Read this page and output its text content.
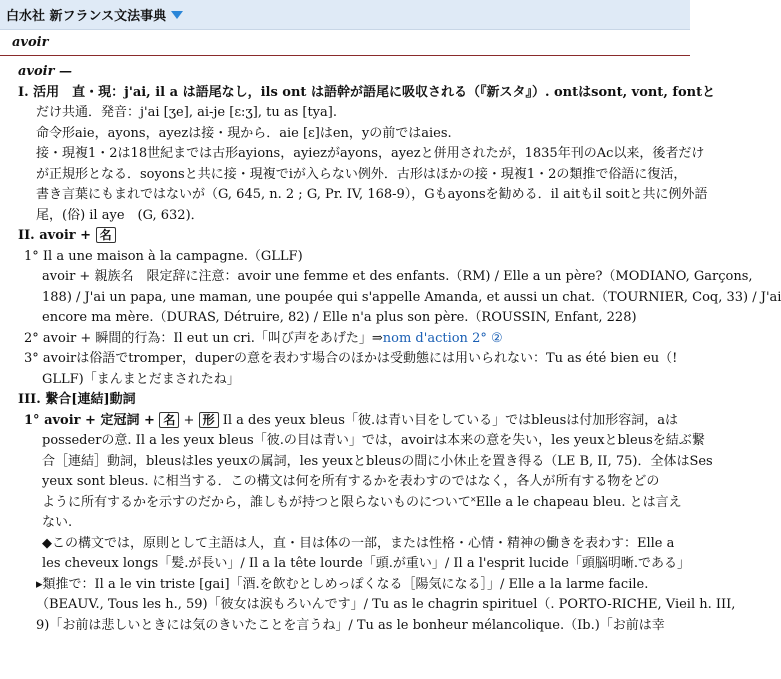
白水社 新フランス文法事典
avoir
avoir —
I. 活用　直・現：j'ai, il a は語尾なし，ils ont は語幹が語尾に吸収される（『新スタ』）. ontはsont, vont, fontと
だけ共通．発音：j'ai [ʒe], ai-je [ɛ:ʒ], tu as [tya].
命令形aie，ayons，ayezは接・現から．aie [ɛ]はen，yの前ではaies.
接・現複1・2は18世紀までは古形ayions，ayiezがayons，ayezと併用されたが，1835年刊のAc以来，後者だけ
が正規形となる．soyonsと共に接・現複でiが入らない例外．古形はほかの接・現複1・2の類推で俗語に復活，
書き言葉にもまれではないが（G, 645, n. 2 ; G, Pr. IV, 168-9），Gもayonsを勧める．il aitもil soitと共に例外語
尾，(俗) il aye　(G, 632)．
II. avoir + 名
1° Il a une maison à la campagne.（GLLF)
avoir + 親族名　限定辞に注意：avoir une femme et des enfants.（RM) / Elle a un père?（MODIANO, Garçons,
188) / J'ai un papa, une maman, une poupée qui s'appelle Amanda, et aussi un chat.（TOURNIER, Coq, 33) / J'ai
encore ma mère.（DURAS, Détruire, 82) / Elle n'a plus son père.（ROUSSIN, Enfant, 228)
2° avoir + 瞬間的行為：Il eut un cri.「叫び声をあげた」⇒nom d'action 2° ②
3° avoirは俗語でtromper，duperの意を表わす場合のほかは受動態には用いられない：Tu as été bien eu（!
GLLF)「まんまとだまされたね」
III. 繋合[連結]動詞
1° avoir + 定冠詞 + 名 + 形 Il a des yeux bleus「彼.は青い目をしている」ではbleusは付加形容詞，aは
possederの意. Il a les yeux bleus「彼.の目は青い」では，avoirは本来の意を失い，les yeuxとbleusを結ぶ繋
合［連結］動詞，bleusはles yeuxの属詞，les yeuxとbleusの間に小休止を置き得る（LE B, II, 75)．全体はSes
yeux sont bleus. に相当する．この構文は何を所有するかを表わすのではなく，各人が所有する物をどの
ように所有するかを示すのだから，誰しもが持つと限らないものについて˟Elle a le chapeau bleu. とは言え
ない.
◆この構文では，原則として主語は人，直・目は体の一部，または性格・心情・精神の働きを表わす：Elle a
les cheveux longs「髪.が長い」/ Il a la tête lourde「頭.が重い」/ Il a l'esprit lucide「頭脳明晰.である」
▸類推で：Il a le vin triste [gai]「酒.を飲むとしめっぽくなる［陽気になる］」/ Elle a la larme facile.
（BEAUV., Tous les h., 59)「彼女は涙もろいんです」/ Tu as le chagrin spirituel（. PORTO-RICHE, Vieil h. III,
9)「お前は悲しいときには気のきいたことを言うね」/ Tu as le bonheur mélancolique.（Ib.)「お前は幸
